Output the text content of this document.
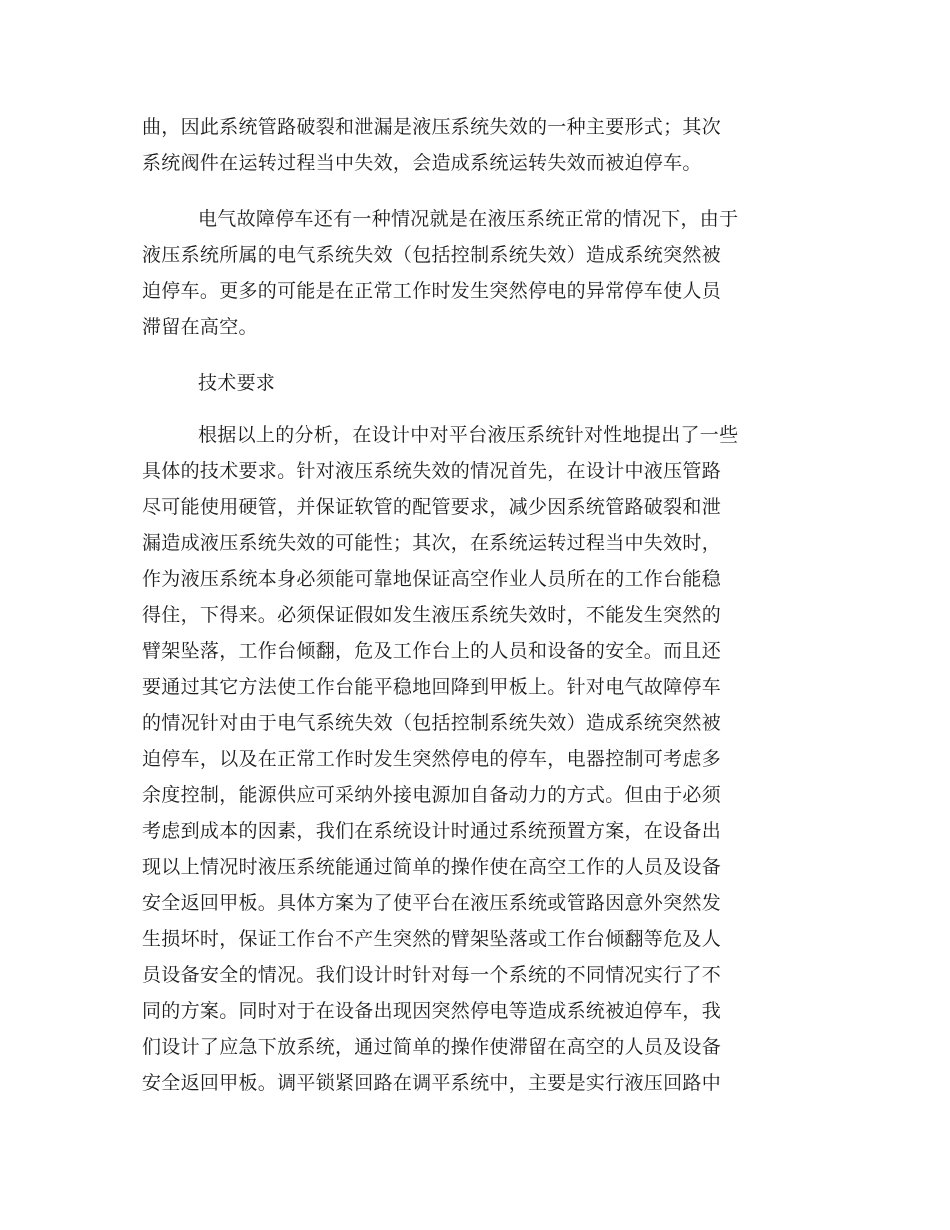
曲，因此系统管路破裂和泄漏是液压系统失效的一种主要形式；其次
系统阀件在运转过程当中失效，会造成系统运转失效而被迫停车。
电气故障停车还有一种情况就是在液压系统正常的情况下，由于
液压系统所属的电气系统失效（包括控制系统失效）造成系统突然被
迫停车。更多的可能是在正常工作时发生突然停电的异常停车使人员
滞留在高空。
技术要求
根据以上的分析，在设计中对平台液压系统针对性地提出了一些
具体的技术要求。针对液压系统失效的情况首先，在设计中液压管路
尽可能使用硬管，并保证软管的配管要求，减少因系统管路破裂和泄
漏造成液压系统失效的可能性；其次，在系统运转过程当中失效时，
作为液压系统本身必须能可靠地保证高空作业人员所在的工作台能稳
得住，下得来。必须保证假如发生液压系统失效时，不能发生突然的
臂架坠落，工作台倾翻，危及工作台上的人员和设备的安全。而且还
要通过其它方法使工作台能平稳地回降到甲板上。针对电气故障停车
的情况针对由于电气系统失效（包括控制系统失效）造成系统突然被
迫停车，以及在正常工作时发生突然停电的停车，电器控制可考虑多
余度控制，能源供应可采纳外接电源加自备动力的方式。但由于必须
考虑到成本的因素，我们在系统设计时通过系统预置方案，在设备出
现以上情况时液压系统能通过简单的操作使在高空工作的人员及设备
安全返回甲板。具体方案为了使平台在液压系统或管路因意外突然发
生损坏时，保证工作台不产生突然的臂架坠落或工作台倾翻等危及人
员设备安全的情况。我们设计时针对每一个系统的不同情况实行了不
同的方案。同时对于在设备出现因突然停电等造成系统被迫停车，我
们设计了应急下放系统，通过简单的操作使滞留在高空的人员及设备
安全返回甲板。调平锁紧回路在调平系统中，主要是实行液压回路中
